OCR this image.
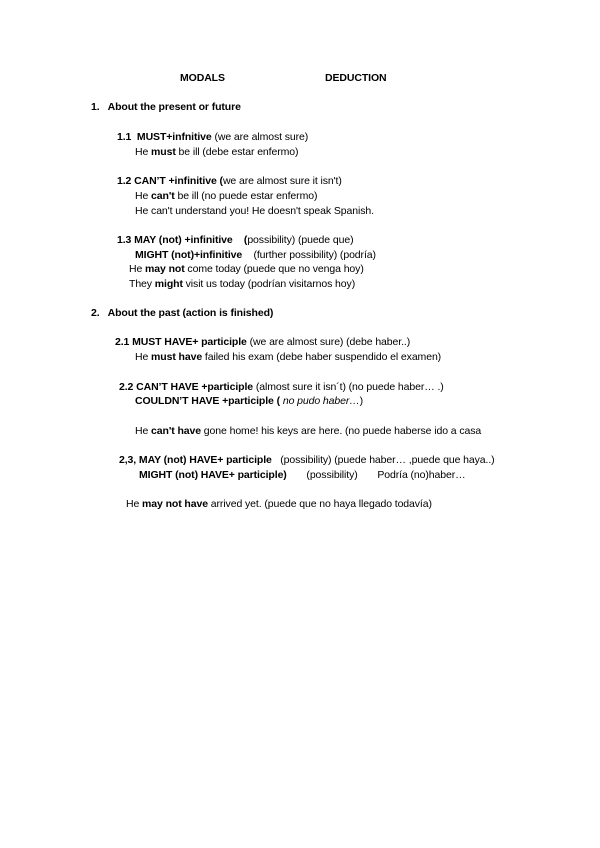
MODALS	DEDUCTION
1.   About the present or future
1.1  MUST+infnitive (we are almost sure)
He must be ill (debe estar enfermo)
1.2 CAN’T +infinitive (we are almost sure it isn't)
He can't be ill (no puede estar enfermo)
He can't understand you! He doesn't speak Spanish.
1.3 MAY (not) +infinitive    (possibility) (puede que)
MIGHT (not)+infinitive    (further possibility) (podría)
He may not come today (puede que no venga hoy)
They might visit us today (podrían visitarnos hoy)
2.   About the past (action is finished)
2.1 MUST HAVE+ participle (we are almost sure) (debe haber..)
He must have failed his exam (debe haber suspendido el examen)
2.2 CAN’T HAVE +participle (almost sure it isn´t) (no puede haber… .)
COULDN’T HAVE +participle ( no pudo haber…)
He can't have gone home! his keys are here. (no puede haberse ido a casa
2,3, MAY (not) HAVE+ participle   (possibility) (puede haber… ,puede que haya..)
MIGHT (not) HAVE+ participle)       (possibility)       Podría (no)haber…
He may not have arrived yet. (puede que no haya llegado todavía)
